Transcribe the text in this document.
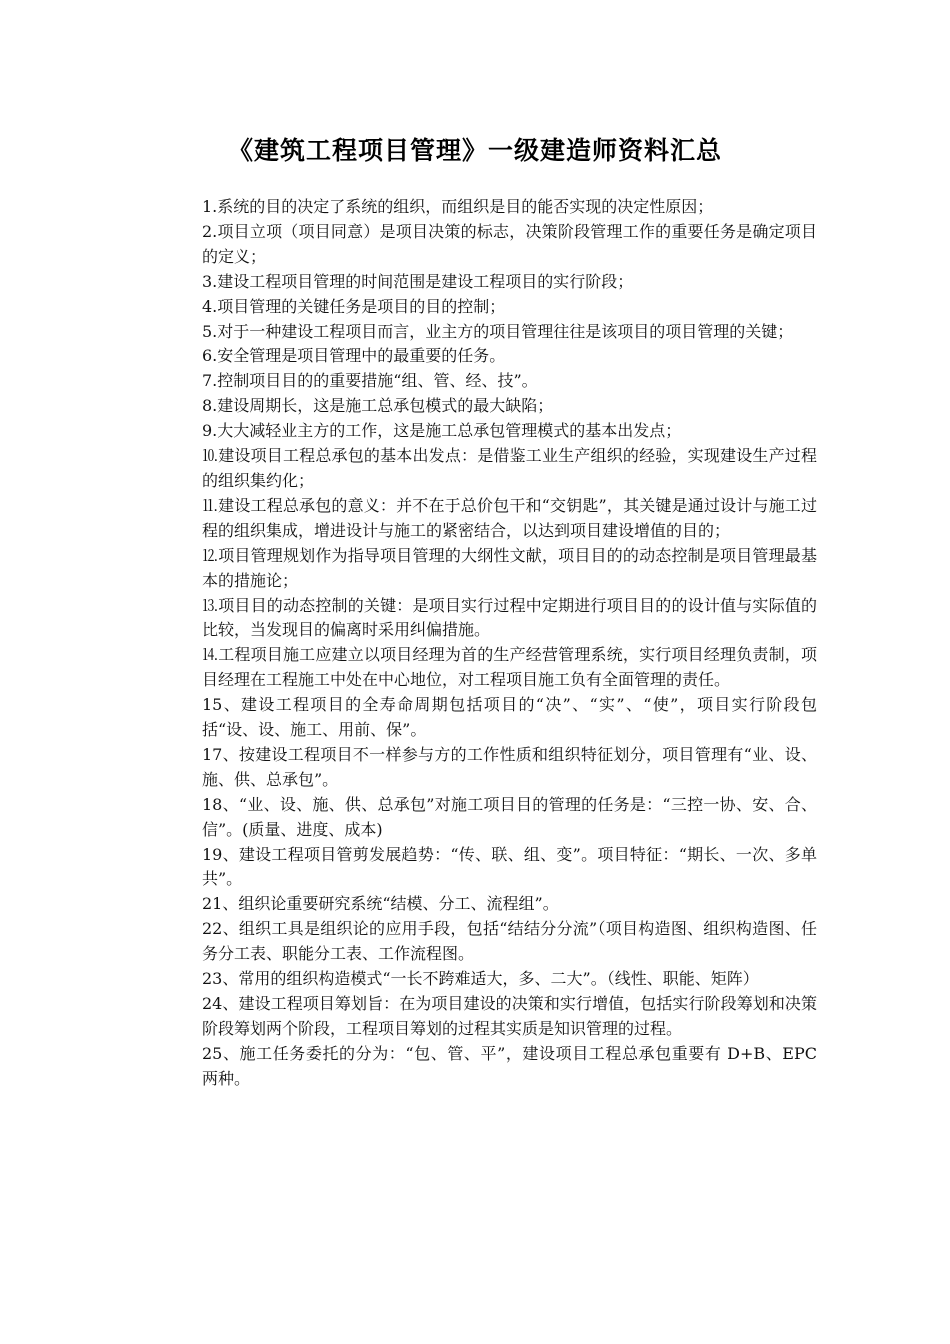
《建筑工程项目管理》一级建造师资料汇总

1.系统的目的决定了系统的组织，而组织是目的能否实现的决定性原因；

2.项目立项（项目同意）是项目决策的标志，决策阶段管理工作的重要任务是确定项目的定义；

3.建设工程项目管理的时间范围是建设工程项目的实行阶段；

4.项目管理的关键任务是项目的目的控制；

5.对于一种建设工程项目而言，业主方的项目管理往往是该项目的项目管理的关键；

6.安全管理是项目管理中的最重要的任务。

7.控制项目目的的重要措施“组、管、经、技”。

8.建设周期长，这是施工总承包模式的最大缺陷；

9.大大减轻业主方的工作，这是施工总承包管理模式的基本出发点；

⒑建设项目工程总承包的基本出发点：是借鉴工业生产组织的经验，实现建设生产过程的组织集约化；

⒒建设工程总承包的意义：并不在于总价包干和“交钥匙”，其关键是通过设计与施工过程的组织集成，增进设计与施工的紧密结合，以达到项目建设增值的目的；

⒓项目管理规划作为指导项目管理的大纲性文献，项目目的的动态控制是项目管理最基本的措施论；

⒔项目目的动态控制的关键：是项目实行过程中定期进行项目目的的设计值与实际值的比较，当发现目的偏离时采用纠偏措施。

⒕工程项目施工应建立以项目经理为首的生产经营管理系统，实行项目经理负责制，项目经理在工程施工中处在中心地位，对工程项目施工负有全面管理的责任。

15、建设工程项目的全寿命周期包括项目的“决”、“实”、“使”，项目实行阶段包括“设、设、施工、用前、保”。

17、按建设工程项目不一样参与方的工作性质和组织特征划分，项目管理有“业、设、施、供、总承包”。

18、“业、设、施、供、总承包”对施工项目目的管理的任务是：“三控一协、安、合、信”。(质量、进度、成本)

19、建设工程项目管剪发展趋势：“传、联、组、变”。项目特征：“期长、一次、多单共”。

21、组织论重要研究系统“结模、分工、流程组”。

22、组织工具是组织论的应用手段，包括“结结分分流”（项目构造图、组织构造图、任务分工表、职能分工表、工作流程图。

23、常用的组织构造模式“一长不跨难适大，多、二大”。（线性、职能、矩阵）

24、建设工程项目筹划旨：在为项目建设的决策和实行增值，包括实行阶段筹划和决策阶段筹划两个阶段，工程项目筹划的过程其实质是知识管理的过程。

25、施工任务委托的分为：“包、管、平”，建设项目工程总承包重要有 D+B、EPC 两种。
